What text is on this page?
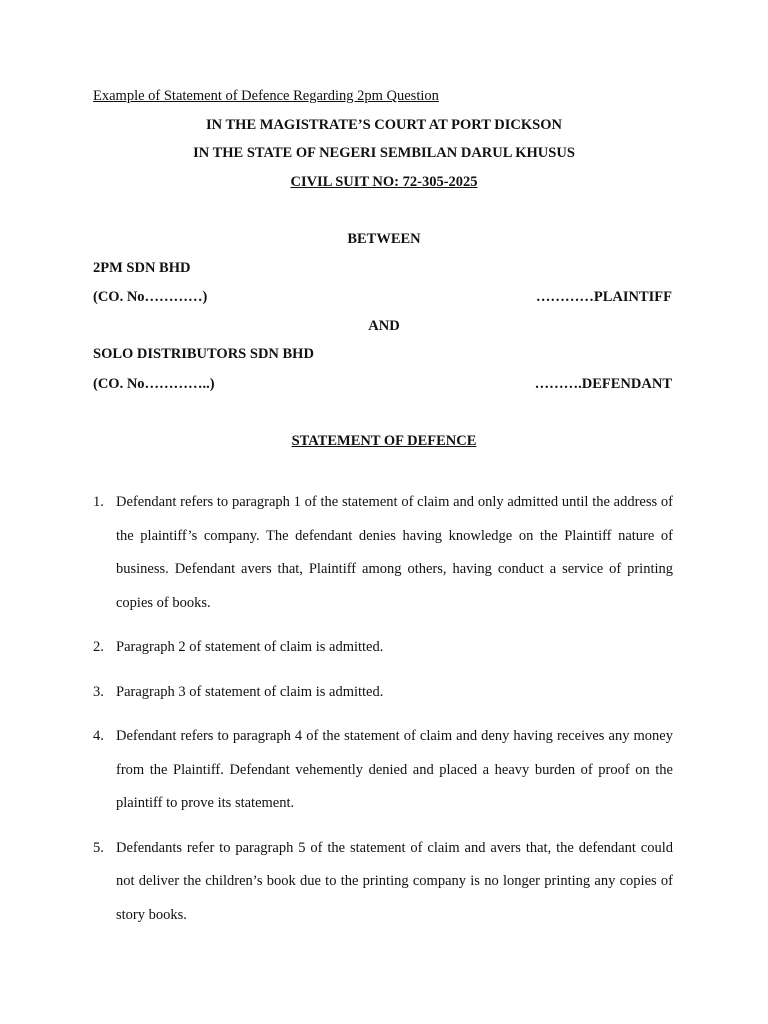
Example of Statement of Defence Regarding 2pm Question
IN THE MAGISTRATE’S COURT AT PORT DICKSON
IN THE STATE OF NEGERI SEMBILAN DARUL KHUSUS
CIVIL SUIT NO: 72-305-2025
BETWEEN
2PM SDN BHD
(CO. No…………)	…………PLAINTIFF
AND
SOLO DISTRIBUTORS SDN BHD
(CO. No…………..)	……….DEFENDANT
STATEMENT OF DEFENCE
1. Defendant refers to paragraph 1 of the statement of claim and only admitted until the address of the plaintiff’s company. The defendant denies having knowledge on the Plaintiff nature of business. Defendant avers that, Plaintiff among others, having conduct a service of printing copies of books.

2. Paragraph 2 of statement of claim is admitted.

3. Paragraph 3 of statement of claim is admitted.

4. Defendant refers to paragraph 4 of the statement of claim and deny having receives any money from the Plaintiff. Defendant vehemently denied and placed a heavy burden of proof on the plaintiff to prove its statement.

5. Defendants refer to paragraph 5 of the statement of claim and avers that, the defendant could not deliver the children’s book due to the printing company is no longer printing any copies of story books.
